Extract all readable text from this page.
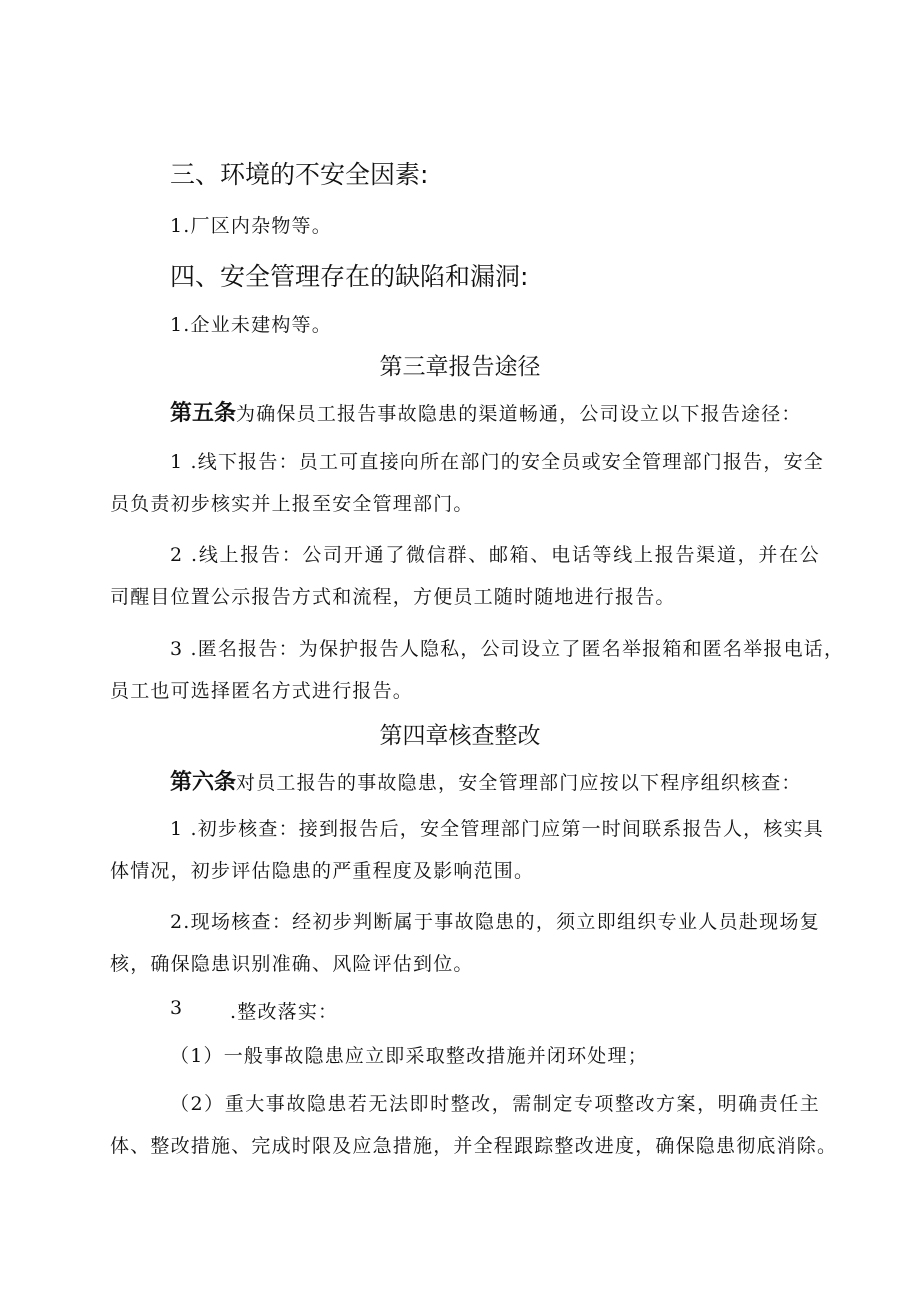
三、环境的不安全因素:
1.厂区内杂物等。
四、安全管理存在的缺陷和漏洞:
1.企业未建构等。
第三章报告途径
第五条为确保员工报告事故隐患的渠道畅通，公司设立以下报告途径：
1 .线下报告：员工可直接向所在部门的安全员或安全管理部门报告，安全
员负责初步核实并上报至安全管理部门。
2 .线上报告：公司开通了微信群、邮箱、电话等线上报告渠道，并在公
司醒目位置公示报告方式和流程，方便员工随时随地进行报告。
3 .匿名报告：为保护报告人隐私，公司设立了匿名举报箱和匿名举报电话，
员工也可选择匿名方式进行报告。
第四章核查整改
第六条对员工报告的事故隐患，安全管理部门应按以下程序组织核查：
1 .初步核查：接到报告后，安全管理部门应第一时间联系报告人，核实具
体情况，初步评估隐患的严重程度及影响范围。
2.现场核查：经初步判断属于事故隐患的，须立即组织专业人员赴现场复
核，确保隐患识别准确、风险评估到位。
3 .整改落实：
（1）一般事故隐患应立即采取整改措施并闭环处理；
（2）重大事故隐患若无法即时整改，需制定专项整改方案，明确责任主
体、整改措施、完成时限及应急措施，并全程跟踪整改进度，确保隐患彻底消除。
